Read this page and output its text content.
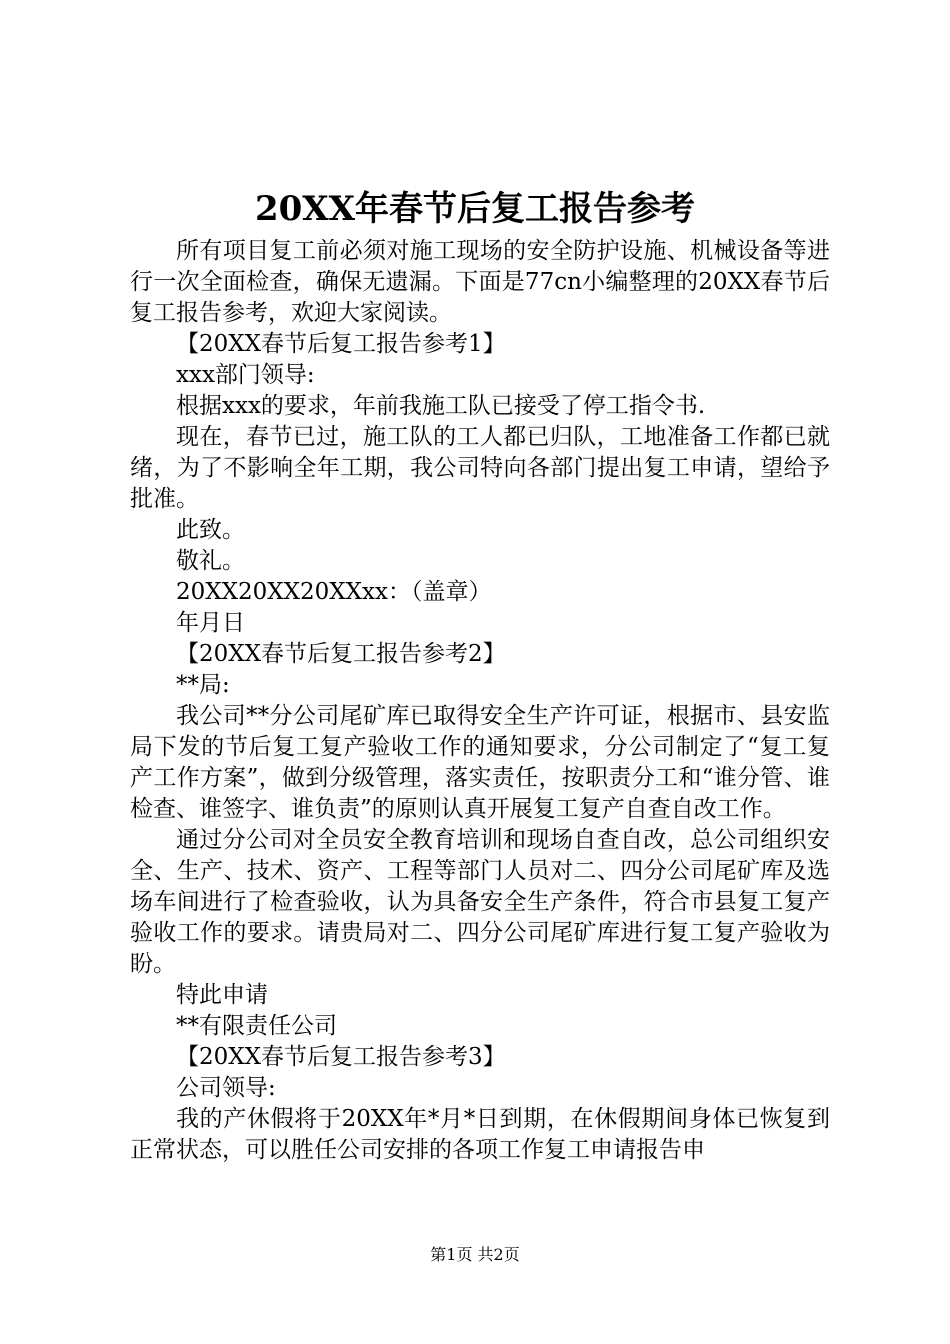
20XX年春节后复工报告参考

所有项目复工前必须对施工现场的安全防护设施、机械设备等进行一次全面检查，确保无遗漏。下面是77cn小编整理的20XX春节后复工报告参考，欢迎大家阅读。

【20XX春节后复工报告参考1】

xxx部门领导:

根据xxx的要求，年前我施工队已接受了停工指令书.

现在，春节已过，施工队的工人都已归队，工地准备工作都已就绪，为了不影响全年工期，我公司特向各部门提出复工申请，望给予批准。

此致。

敬礼。

20XX20XX20XXxx：（盖章）

年月日

【20XX春节后复工报告参考2】

**局:

我公司**分公司尾矿库已取得安全生产许可证，根据市、县安监局下发的节后复工复产验收工作的通知要求，分公司制定了“复工复产工作方案”，做到分级管理，落实责任，按职责分工和“谁分管、谁检查、谁签字、谁负责”的原则认真开展复工复产自查自改工作。

通过分公司对全员安全教育培训和现场自查自改，总公司组织安全、生产、技术、资产、工程等部门人员对二、四分公司尾矿库及选场车间进行了检查验收，认为具备安全生产条件，符合市县复工复产验收工作的要求。请贵局对二、四分公司尾矿库进行复工复产验收为盼。

特此申请

**有限责任公司

【20XX春节后复工报告参考3】

公司领导:

我的产休假将于20XX年*月*日到期，在休假期间身体已恢复到正常状态，可以胜任公司安排的各项工作复工申请报告申

第1页 共2页
